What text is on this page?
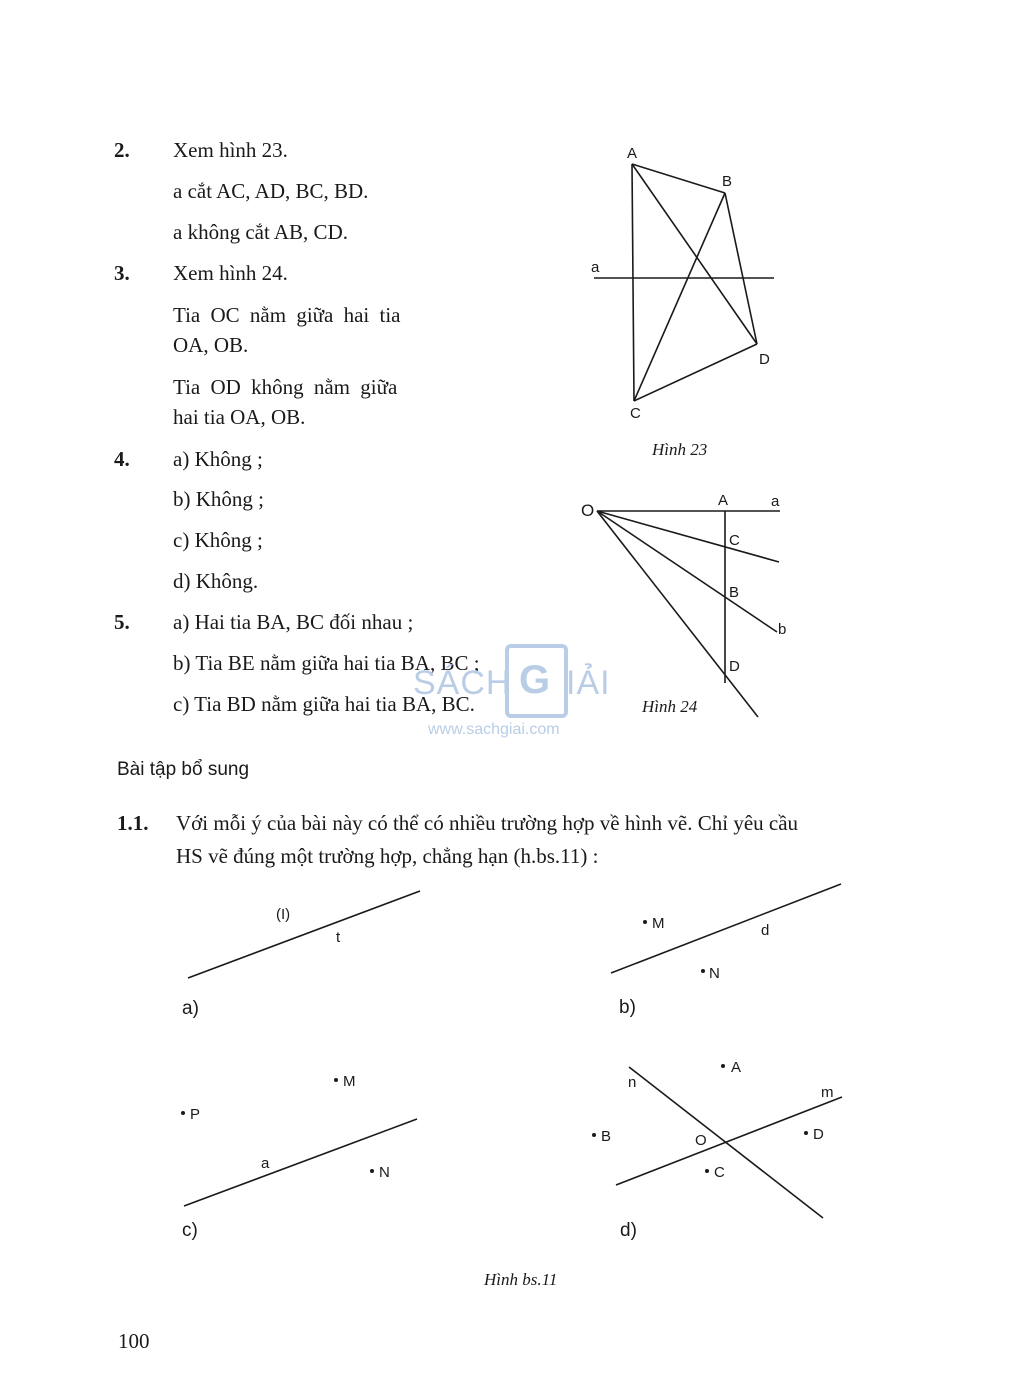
2. Xem hình 23.
a cắt AC, AD, BC, BD.
a không cắt AB, CD.
3. Xem hình 24.
Tia OC nằm giữa hai tia
OA, OB.
Tia OD không nằm giữa
hai tia OA, OB.
4. a) Không ;
b) Không ;
c) Không ;
d) Không.
5. a) Hai tia BA, BC đối nhau ;
b) Tia BE nằm giữa hai tia BA, BC ;
c) Tia BD nằm giữa hai tia BA, BC.
SÁCH G IẢI
www.sachgiai.com
A
B
C
D
a
Hình 23
O
A	a
C
B
b
D
Hình 24
Bài tập bổ sung
1.1. Với mỗi ý của bài này có thể có nhiều trường hợp về hình vẽ. Chỉ yêu cầu
HS vẽ đúng một trường hợp, chẳng hạn (h.bs.11) :
(I)
t
M
N
d
M
P
N
a
A
B	O
C
D
m
n
a)	b)
c)	d)
Hình bs.11
100
